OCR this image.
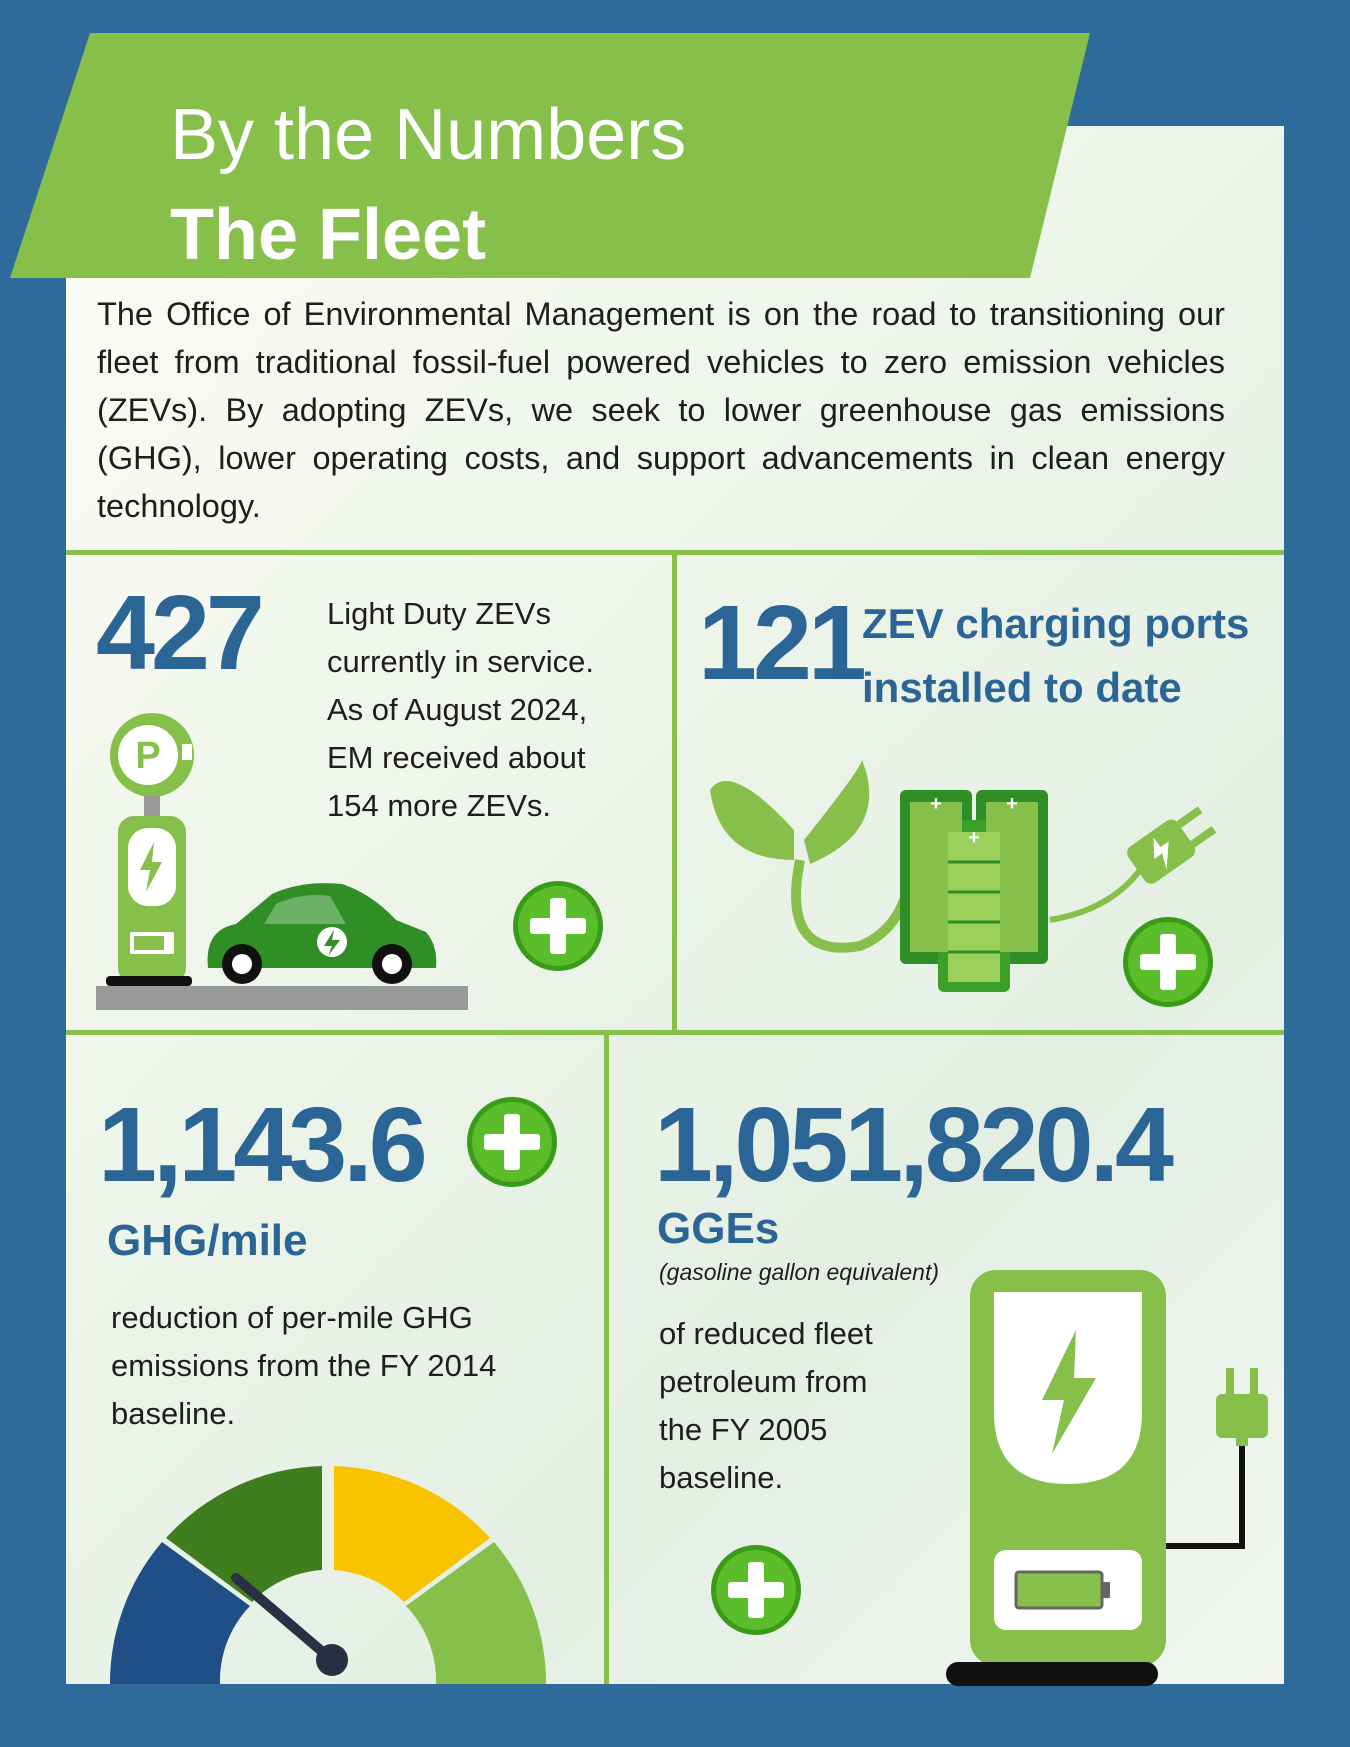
By the Numbers
The Fleet
The Office of Environmental Management is on the road to transitioning our fleet from traditional fossil-fuel powered vehicles to zero emission vehicles (ZEVs). By adopting ZEVs, we seek to lower greenhouse gas emissions (GHG), lower operating costs, and support advancements in clean energy technology.
427 Light Duty ZEVs
currently in service.
As of August 2024,
EM received about
154 more ZEVs.
P
121 ZEV charging ports
installed to date
+	+
+
1,143.6
GHG/mile
reduction of per-mile GHG
emissions from the FY 2014
baseline.
1,051,820.4
GGEs
(gasoline gallon equivalent)
of reduced fleet
petroleum from
the FY 2005
baseline.
